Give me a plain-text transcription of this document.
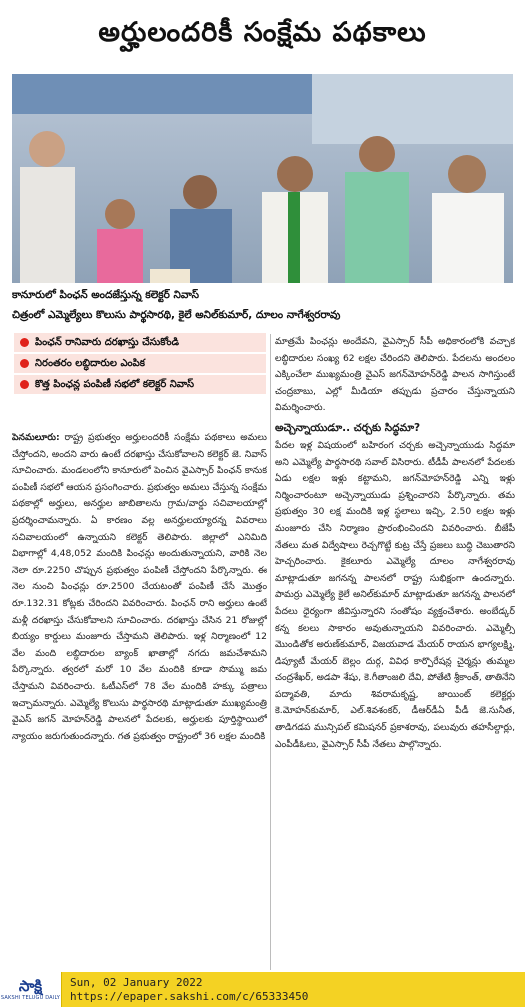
అర్హులందరికీ సంక్షేమ పథకాలు
కానూరులో పింఛన్ అందజేస్తున్న కలెక్టర్ నివాస్
చిత్రంలో ఎమ్మెల్యేలు కొలుసు పార్థసారథి, కైలే అనిల్‌కుమార్, దూలం నాగేశ్వరరావు
పింఛన్ రానివారు దరఖాస్తు చేసుకోండి
నిరంతరం లబ్ధిదారుల ఎంపిక
కొత్త పింఛన్ల పంపిణీ సభలో కలెక్టర్ నివాస్

పెనమలూరు: రాష్ట్ర ప్రభుత్వం అర్హులందరికీ సంక్షేమ పథకాలు అమలు చేస్తోందని, అందని వారు ఉంటే దరఖాస్తు చేసుకోవాలని కలెక్టర్ జె. నివాస్ సూచించారు. మండలంలోని కానూరులో పెంచిన వైఎస్సార్ పింఛన్ కానుక పంపిణీ సభలో ఆయన ప్రసంగించారు. ప్రభుత్వం అమలు చేస్తున్న సంక్షేమ పథకాల్లో అర్హులు, అనర్హుల జాబితాలను గ్రామ/వార్డు సచివాలయాల్లో ప్రదర్శించామన్నారు. ఏ కారణం వల్ల అనర్హులయ్యారన్న వివరాలు సచివాలయంలో ఉన్నాయని కలెక్టర్ తెలిపారు. జిల్లాలో ఎనిమిది విభాగాల్లో 4,48,052 మందికి పింఛన్లు అందుతున్నాయని, వారికి నెల నెలా రూ.2250 చొప్పున ప్రభుత్వం పంపిణీ చేస్తోందని పేర్కొన్నారు. ఈ నెల నుంచి పింఛన్లు రూ.2500 చేయటంతో పంపిణీ చేసే మొత్తం రూ.132.31 కోట్లకు చేరిందని వివరించారు. పింఛన్ రాని అర్హులు ఉంటే మళ్లీ దరఖాస్తు చేసుకోవాలని సూచించారు. దరఖాస్తు చేసిన 21 రోజుల్లో బియ్యం కార్డులు మంజూరు చేస్తామని తెలిపారు. ఇళ్ల నిర్మాణంలో 12 వేల మంది లబ్ధిదారుల బ్యాంక్ ఖాతాల్లో నగదు జమచేశామని పేర్కొన్నారు. త్వరలో మరో 10 వేల మందికి కూడా సొమ్ము జమ చేస్తామని వివరించారు. ఓటీఎస్‌లో 78 వేల మందికి హక్కు పత్రాలు ఇచ్చామన్నారు. ఎమ్మెల్యే కొలుసు పార్థసారథి మాట్లాడుతూ ముఖ్యమంత్రి వైఎస్ జగన్ మోహన్‌రెడ్డి పాలనలో పేదలకు, అర్హులకు పూర్తిస్థాయిలో న్యాయం జరుగుతుందన్నారు. గత ప్రభుత్వం రాష్ట్రంలో 36 లక్షల మందికి

మాత్రమే పింఛన్లు అందేవని, వైఎస్సార్ సీపీ అధికారంలోకి వచ్చాక లబ్ధిదారుల సంఖ్య 62 లక్షల చేరిందని తెలిపారు. పేదలను అందలం ఎక్కించేలా ముఖ్యమంత్రి వైఎస్ జగన్‌మోహన్‌రెడ్డి పాలన సాగిస్తుంటే చంద్రబాబు, ఎల్లో మీడియా తప్పుడు ప్రచారం చేస్తున్నాయని విమర్శించారు.

అచ్చెన్నాయుడూ.. చర్చకు సిద్ధమా?

పేదల ఇళ్ల విషయంలో బహిరంగ చర్చకు అచ్చెన్నాయుడు సిద్ధమా అని ఎమ్మెల్యే పార్థసారథి సవాల్ విసిరారు. టీడీపీ పాలనలో పేదలకు ఏడు లక్షల ఇళ్లు కట్టామని, జగన్‌మోహన్‌రెడ్డి ఎన్ని ఇళ్లు నిర్మించారంటూ అచ్చెన్నాయుడు ప్రశ్నించారని పేర్కొన్నారు. తమ ప్రభుత్వం 30 లక్ష మందికి ఇళ్ల స్థలాలు ఇచ్చి, 2.50 లక్షల ఇళ్లు మంజూరు చేసి నిర్మాణం ప్రారంభించిందని వివరించారు. బీజేపీ నేతలు మత విద్వేషాలు రెచ్చగొట్టే కుట్ర చేస్తే ప్రజలు బుద్ధి చెబుతారని హెచ్చరించారు. కైకలూరు ఎమ్మెల్యే దూలం నాగేశ్వరరావు మాట్లాడుతూ జగనన్న పాలనలో రాష్ట్ర సుభిక్షంగా ఉందన్నారు. పామర్రు ఎమ్మెల్యే కైలే అనిల్‌కుమార్ మాట్లాడుతూ జగనన్న పాలనలో పేదలు ధైర్యంగా జీవిస్తున్నారని సంతోషం వ్యక్తంచేశారు. అంబేడ్కర్ కన్న కలలు సాకారం అవుతున్నాయని వివరించారు. ఎమ్మెల్సీ మొండితోక అరుణ్‌కుమార్, విజయవాడ మేయర్ రాయన భాగ్యలక్ష్మి, డిప్యూటీ మేయర్ బెల్లం దుర్గ, వివిధ కార్పొరేషన్ల చైర్మన్లు తుమ్మల చంద్రశేఖర్, అడపా శేషు, కె.గీతాంజలి దేవి, పోతేటి శ్రీకాంత్, తాతినేని పద్మావతి, మాదు శివరామకృష్ణ, జాయింట్ కలెక్టర్లు కె.మోహన్‌కుమార్, ఎల్.శివశంకర్, డీఆర్‌డీఏ పీడీ జె.సునీత, తాడిగడప మున్సిపల్ కమిషనర్ ప్రకాశరావు, పలువురు తహసీల్దార్లు, ఎంపీడీఓలు, వైఎస్సార్ సీపీ నేతలు పాల్గొన్నారు.

సాక్షి
SAKSHI TELUGU DAILY
Sun, 02 January 2022
https://epaper.sakshi.com/c/65333450
